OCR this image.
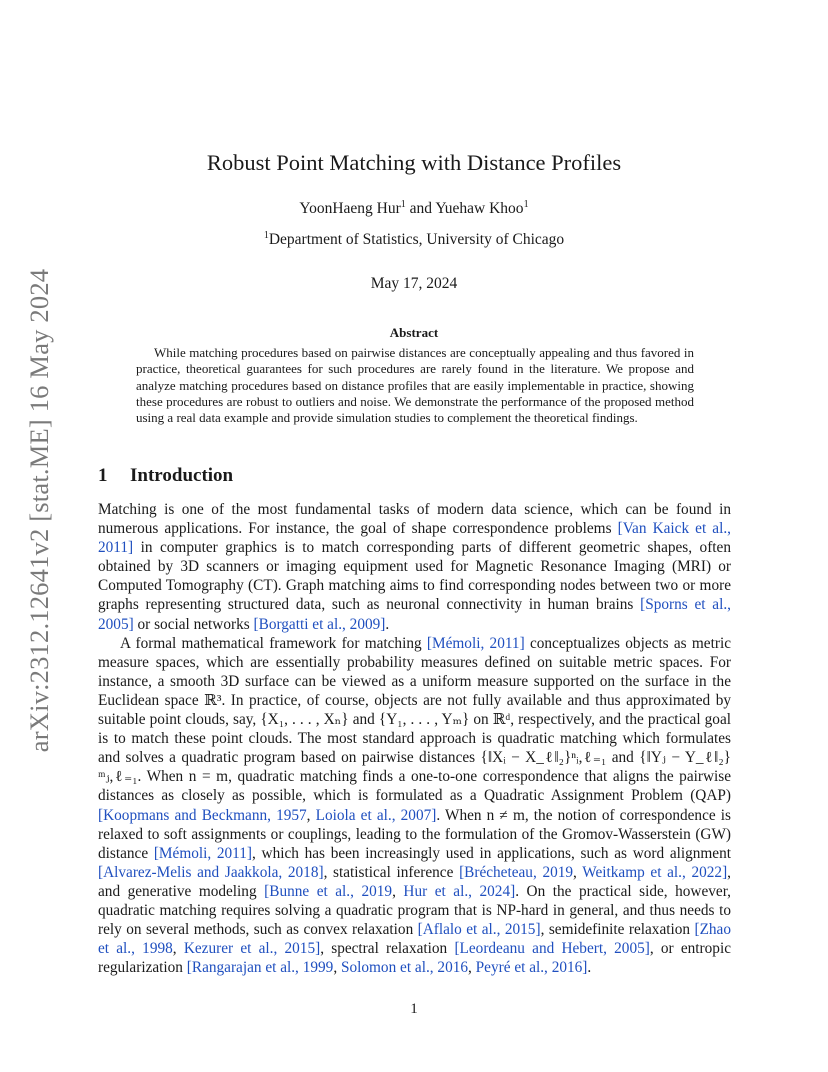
arXiv:2312.12641v2 [stat.ME] 16 May 2024
Robust Point Matching with Distance Profiles
YoonHaeng Hur$^1$ and Yuehaw Khoo$^1$
$^1$Department of Statistics, University of Chicago
May 17, 2024
Abstract

While matching procedures based on pairwise distances are conceptually appealing and thus favored in practice, theoretical guarantees for such procedures are rarely found in the literature. We propose and analyze matching procedures based on distance profiles that are easily implementable in practice, showing these procedures are robust to outliers and noise. We demonstrate the performance of the proposed method using a real data example and provide simulation studies to complement the theoretical findings.

1 Introduction

Matching is one of the most fundamental tasks of modern data science, which can be found in numerous applications. For instance, the goal of shape correspondence problems [Van Kaick et al., 2011] in computer graphics is to match corresponding parts of different geometric shapes, often obtained by 3D scanners or imaging equipment used for Magnetic Resonance Imaging (MRI) or Computed Tomography (CT). Graph matching aims to find corresponding nodes between two or more graphs representing structured data, such as neuronal connectivity in human brains [Sporns et al., 2005] or social networks [Borgatti et al., 2009].

A formal mathematical framework for matching [Mémoli, 2011] conceptualizes objects as metric measure spaces, which are essentially probability measures defined on suitable metric spaces. For instance, a smooth 3D surface can be viewed as a uniform measure supported on the surface in the Euclidean space ℝ³. In practice, of course, objects are not fully available and thus approximated by suitable point clouds, say, {X₁, . . . , Xₙ} and {Y₁, . . . , Yₘ} on ℝᵈ, respectively, and the practical goal is to match these point clouds. The most standard approach is quadratic matching which formulates and solves a quadratic program based on pairwise distances {‖Xᵢ − X_ℓ‖₂}ⁿᵢ,ℓ₌₁ and {‖Yⱼ − Y_ℓ‖₂}ᵐⱼ,ℓ₌₁. When n = m, quadratic matching finds a one-to-one correspondence that aligns the pairwise distances as closely as possible, which is formulated as a Quadratic Assignment Problem (QAP) [Koopmans and Beckmann, 1957, Loiola et al., 2007]. When n ≠ m, the notion of correspondence is relaxed to soft assignments or couplings, leading to the formulation of the Gromov-Wasserstein (GW) distance [Mémoli, 2011], which has been increasingly used in applications, such as word alignment [Alvarez-Melis and Jaakkola, 2018], statistical inference [Brécheteau, 2019, Weitkamp et al., 2022], and generative modeling [Bunne et al., 2019, Hur et al., 2024]. On the practical side, however, quadratic matching requires solving a quadratic program that is NP-hard in general, and thus needs to rely on several methods, such as convex relaxation [Aflalo et al., 2015], semidefinite relaxation [Zhao et al., 1998, Kezurer et al., 2015], spectral relaxation [Leordeanu and Hebert, 2005], or entropic regularization [Rangarajan et al., 1999, Solomon et al., 2016, Peyré et al., 2016].

1
